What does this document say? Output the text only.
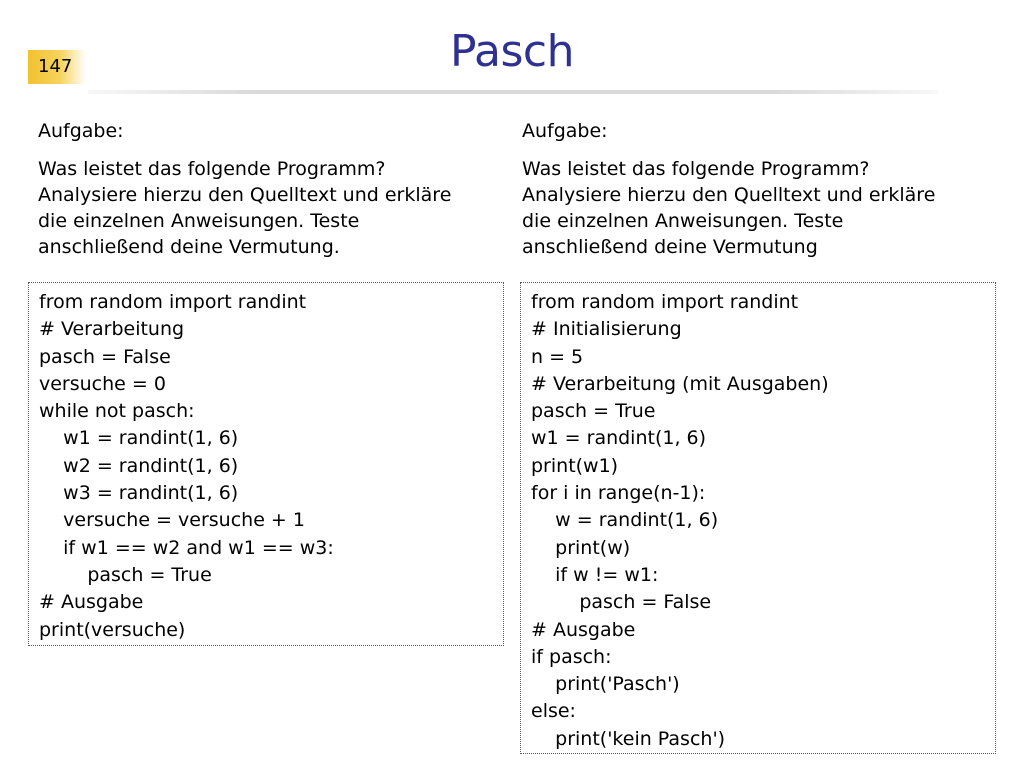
147	Pasch

Aufgabe:

Was leistet das folgende Programm?
Analysiere hierzu den Quelltext und erkläre
die einzelnen Anweisungen. Teste
anschließend deine Vermutung.

Aufgabe:

Was leistet das folgende Programm?
Analysiere hierzu den Quelltext und erkläre
die einzelnen Anweisungen. Teste
anschließend deine Vermutung

from random import randint
# Verarbeitung
pasch = False
versuche = 0
while not pasch:
w1 = randint(1, 6)
w2 = randint(1, 6)
w3 = randint(1, 6)
versuche = versuche + 1
if w1 == w2 and w1 == w3:
pasch = True
# Ausgabe
print(versuche)
from random import randint
# Initialisierung
n = 5
# Verarbeitung (mit Ausgaben)
pasch = True
w1 = randint(1, 6)
print(w1)
for i in range(n-1):
w = randint(1, 6)
print(w)
if w != w1:
pasch = False
# Ausgabe
if pasch:
print('Pasch')
else:
print('kein Pasch')
